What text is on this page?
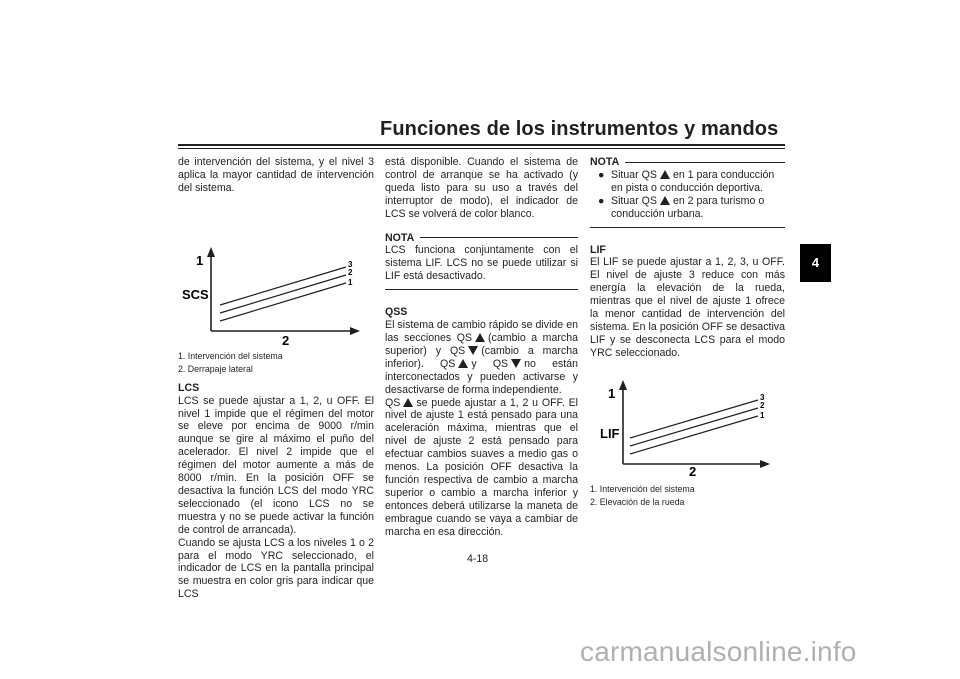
Funciones de los instrumentos y mandos
4

de intervención del sistema, y el nivel 3 aplica la mayor cantidad de intervención del sistema.

3
2
1
1
SCS
2
1. Intervención del sistema
2. Derrapaje lateral

LCS

LCS se puede ajustar a 1, 2, u OFF. El nivel 1 impide que el régimen del motor se eleve por encima de 9000 r/min aunque se gire al máximo el puño del acelerador. El nivel 2 impide que el régimen del motor aumente a más de 8000 r/min. En la posición OFF se desactiva la función LCS del modo YRC seleccionado (el icono LCS no se muestra y no se puede activar la función de control de arrancada).

Cuando se ajusta LCS a los niveles 1 o 2 para el modo YRC seleccionado, el indicador de LCS en la pantalla principal se muestra en color gris para indicar que LCS

está disponible. Cuando el sistema de control de arranque se ha activado (y queda listo para su uso a través del interruptor de modo), el indicador de LCS se volverá de color blanco.

NOTA

LCS funciona conjuntamente con el sistema LIF. LCS no se puede utilizar si LIF está desactivado.

QSS

El sistema de cambio rápido se divide en las secciones QS (cambio a marcha superior) y QS (cambio a marcha inferior). QS y QS no están interconectados y pueden activarse y desactivarse de forma independiente.

QS se puede ajustar a 1, 2 u OFF. El nivel de ajuste 1 está pensado para una aceleración máxima, mientras que el nivel de ajuste 2 está pensado para efectuar cambios suaves a medio gas o menos. La posición OFF desactiva la función respectiva de cambio a marcha superior o cambio a marcha inferior y entonces deberá utilizarse la maneta de embrague cuando se vaya a cambiar de marcha en esa dirección.

NOTA
● Situar QS en 1 para conducción en pista o conducción deportiva.
● Situar QS en 2 para turismo o conducción urbana.

LIF

El LIF se puede ajustar a 1, 2, 3, u OFF. El nivel de ajuste 3 reduce con más energía la elevación de la rueda, mientras que el nivel de ajuste 1 ofrece la menor cantidad de intervención del sistema. En la posición OFF se desactiva LIF y se desconecta LCS para el modo YRC seleccionado.

3
2
1
1
LIF
2
1. Intervención del sistema
2. Elevación de la rueda
4-18
carmanualsonline.info
